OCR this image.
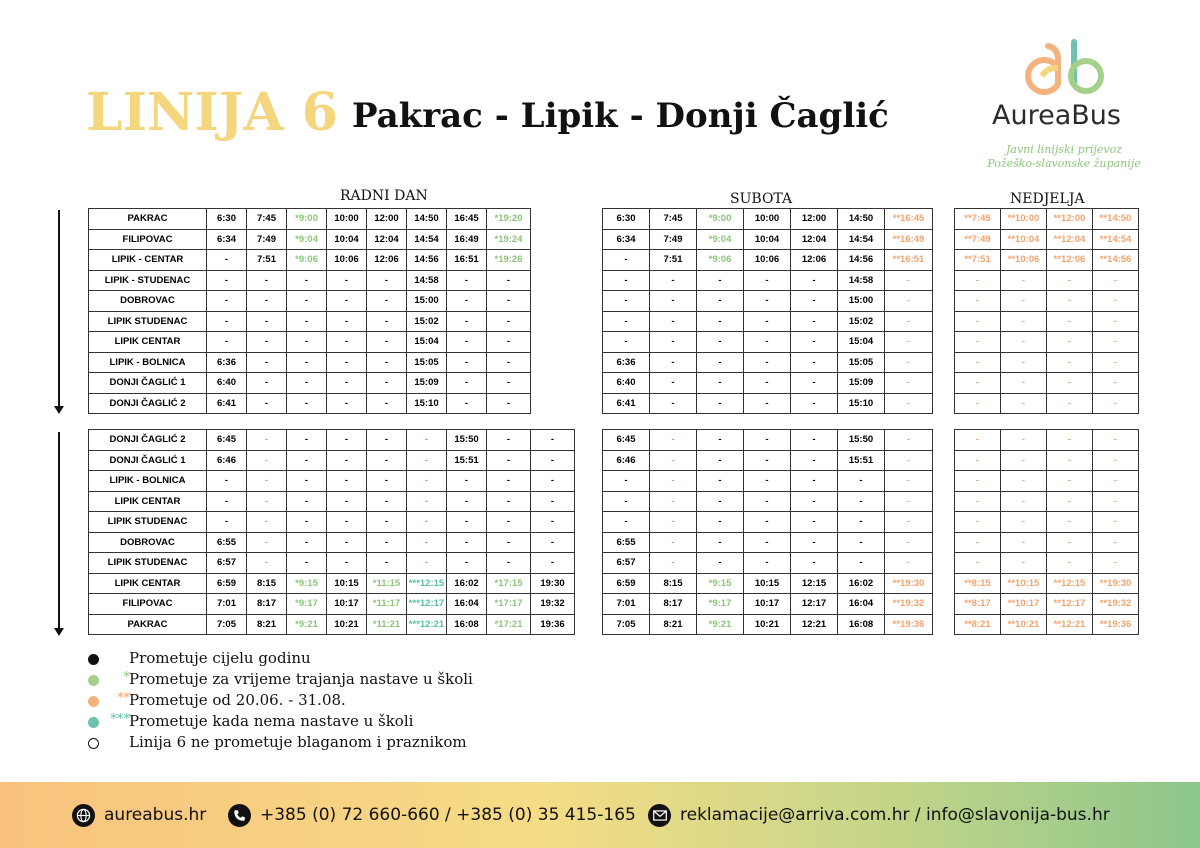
LINIJA 6 Pakrac - Lipik - Donji Čaglić	AureaBus
Javni linijski prijevoz
Požeško-slavonske županije
RADNI DAN	SUBOTA	NEDJELJA
PAKRAC	6:30	7:45	*9:00	10:00	12:00	14:50	16:45	*19:20
FILIPOVAC	6:34	7:49	*9:04	10:04	12:04	14:54	16:49	*19:24
LIPIK - CENTAR	-	7:51	*9:06	10:06	12:06	14:56	16:51	*19:26
LIPIK - STUDENAC	-	-	-	-	-	14:58	-	-
DOBROVAC	-	-	-	-	-	15:00	-	-
LIPIK STUDENAC	-	-	-	-	-	15:02	-	-
LIPIK CENTAR	-	-	-	-	-	15:04	-	-
LIPIK - BOLNICA	6:36	-	-	-	-	15:05	-	-
DONJI ČAGLIĆ 1	6:40	-	-	-	-	15:09	-	-
DONJI ČAGLIĆ 2	6:41	-	-	-	-	15:10	-	-
6:30	7:45	*9:00	10:00	12:00	14:50	**16:45
6:34	7:49	*9:04	10:04	12:04	14:54	**16:49
-	7:51	*9:06	10:06	12:06	14:56	**16:51
-	-	-	-	-	14:58	-
-	-	-	-	-	15:00	-
-	-	-	-	-	15:02	-
-	-	-	-	-	15:04	-
6:36	-	-	-	-	15:05	-
6:40	-	-	-	-	15:09	-
6:41	-	-	-	-	15:10	-
**7:45	**10:00	**12:00	**14:50
**7:49	**10:04	**12:04	**14:54
**7:51	**10:06	**12:06	**14:56
-	-	-	-
-	-	-	-
-	-	-	-
-	-	-	-
-	-	-	-
-	-	-	-
-	-	-	-
DONJI ČAGLIĆ 2	6:45	-	-	-	-	-	15:50	-	-
DONJI ČAGLIĆ 1	6:46	-	-	-	-	-	15:51	-	-
LIPIK - BOLNICA	-	-	-	-	-	-	-	-	-
LIPIK CENTAR	-	-	-	-	-	-	-	-	-
LIPIK STUDENAC	-	-	-	-	-	-	-	-	-
DOBROVAC	6:55	-	-	-	-	-	-	-	-
LIPIK STUDENAC	6:57	-	-	-	-	-	-	-	-
LIPIK CENTAR	6:59	8:15	*9:15	10:15	*11:15	***12:15	16:02	*17:15	19:30
FILIPOVAC	7:01	8:17	*9:17	10:17	*11:17	***12:17	16:04	*17:17	19:32
PAKRAC	7:05	8:21	*9:21	10:21	*11:21	***12:21	16:08	*17:21	19:36
6:45	-	-	-	-	15:50	-
6:46	-	-	-	-	15:51	-
-	-	-	-	-	-	-
-	-	-	-	-	-	-
-	-	-	-	-	-	-
6:55	-	-	-	-	-	-
6:57	-	-	-	-	-	-
6:59	8:15	*9:15	10:15	12:15	16:02	**19:30
7:01	8:17	*9:17	10:17	12:17	16:04	**19:32
7:05	8:21	*9:21	10:21	12:21	16:08	**19:36
-	-	-	-
-	-	-	-
-	-	-	-
-	-	-	-
-	-	-	-
-	-	-	-
-	-	-	-
**8:15	**10:15	**12:15	**19:30
**8:17	**10:17	**12:17	**19:32
**8:21	**10:21	**12:21	**19:36
Prometuje cijelu godinu
* Prometuje za vrijeme trajanja nastave u školi
** Prometuje od 20.06. - 31.08.
*** Prometuje kada nema nastave u školi
Linija 6 ne prometuje blaganom i praznikom
aureabus.hr	+385 (0) 72 660-660 / +385 (0) 35 415-165	reklamacije@arriva.com.hr / info@slavonija-bus.hr
